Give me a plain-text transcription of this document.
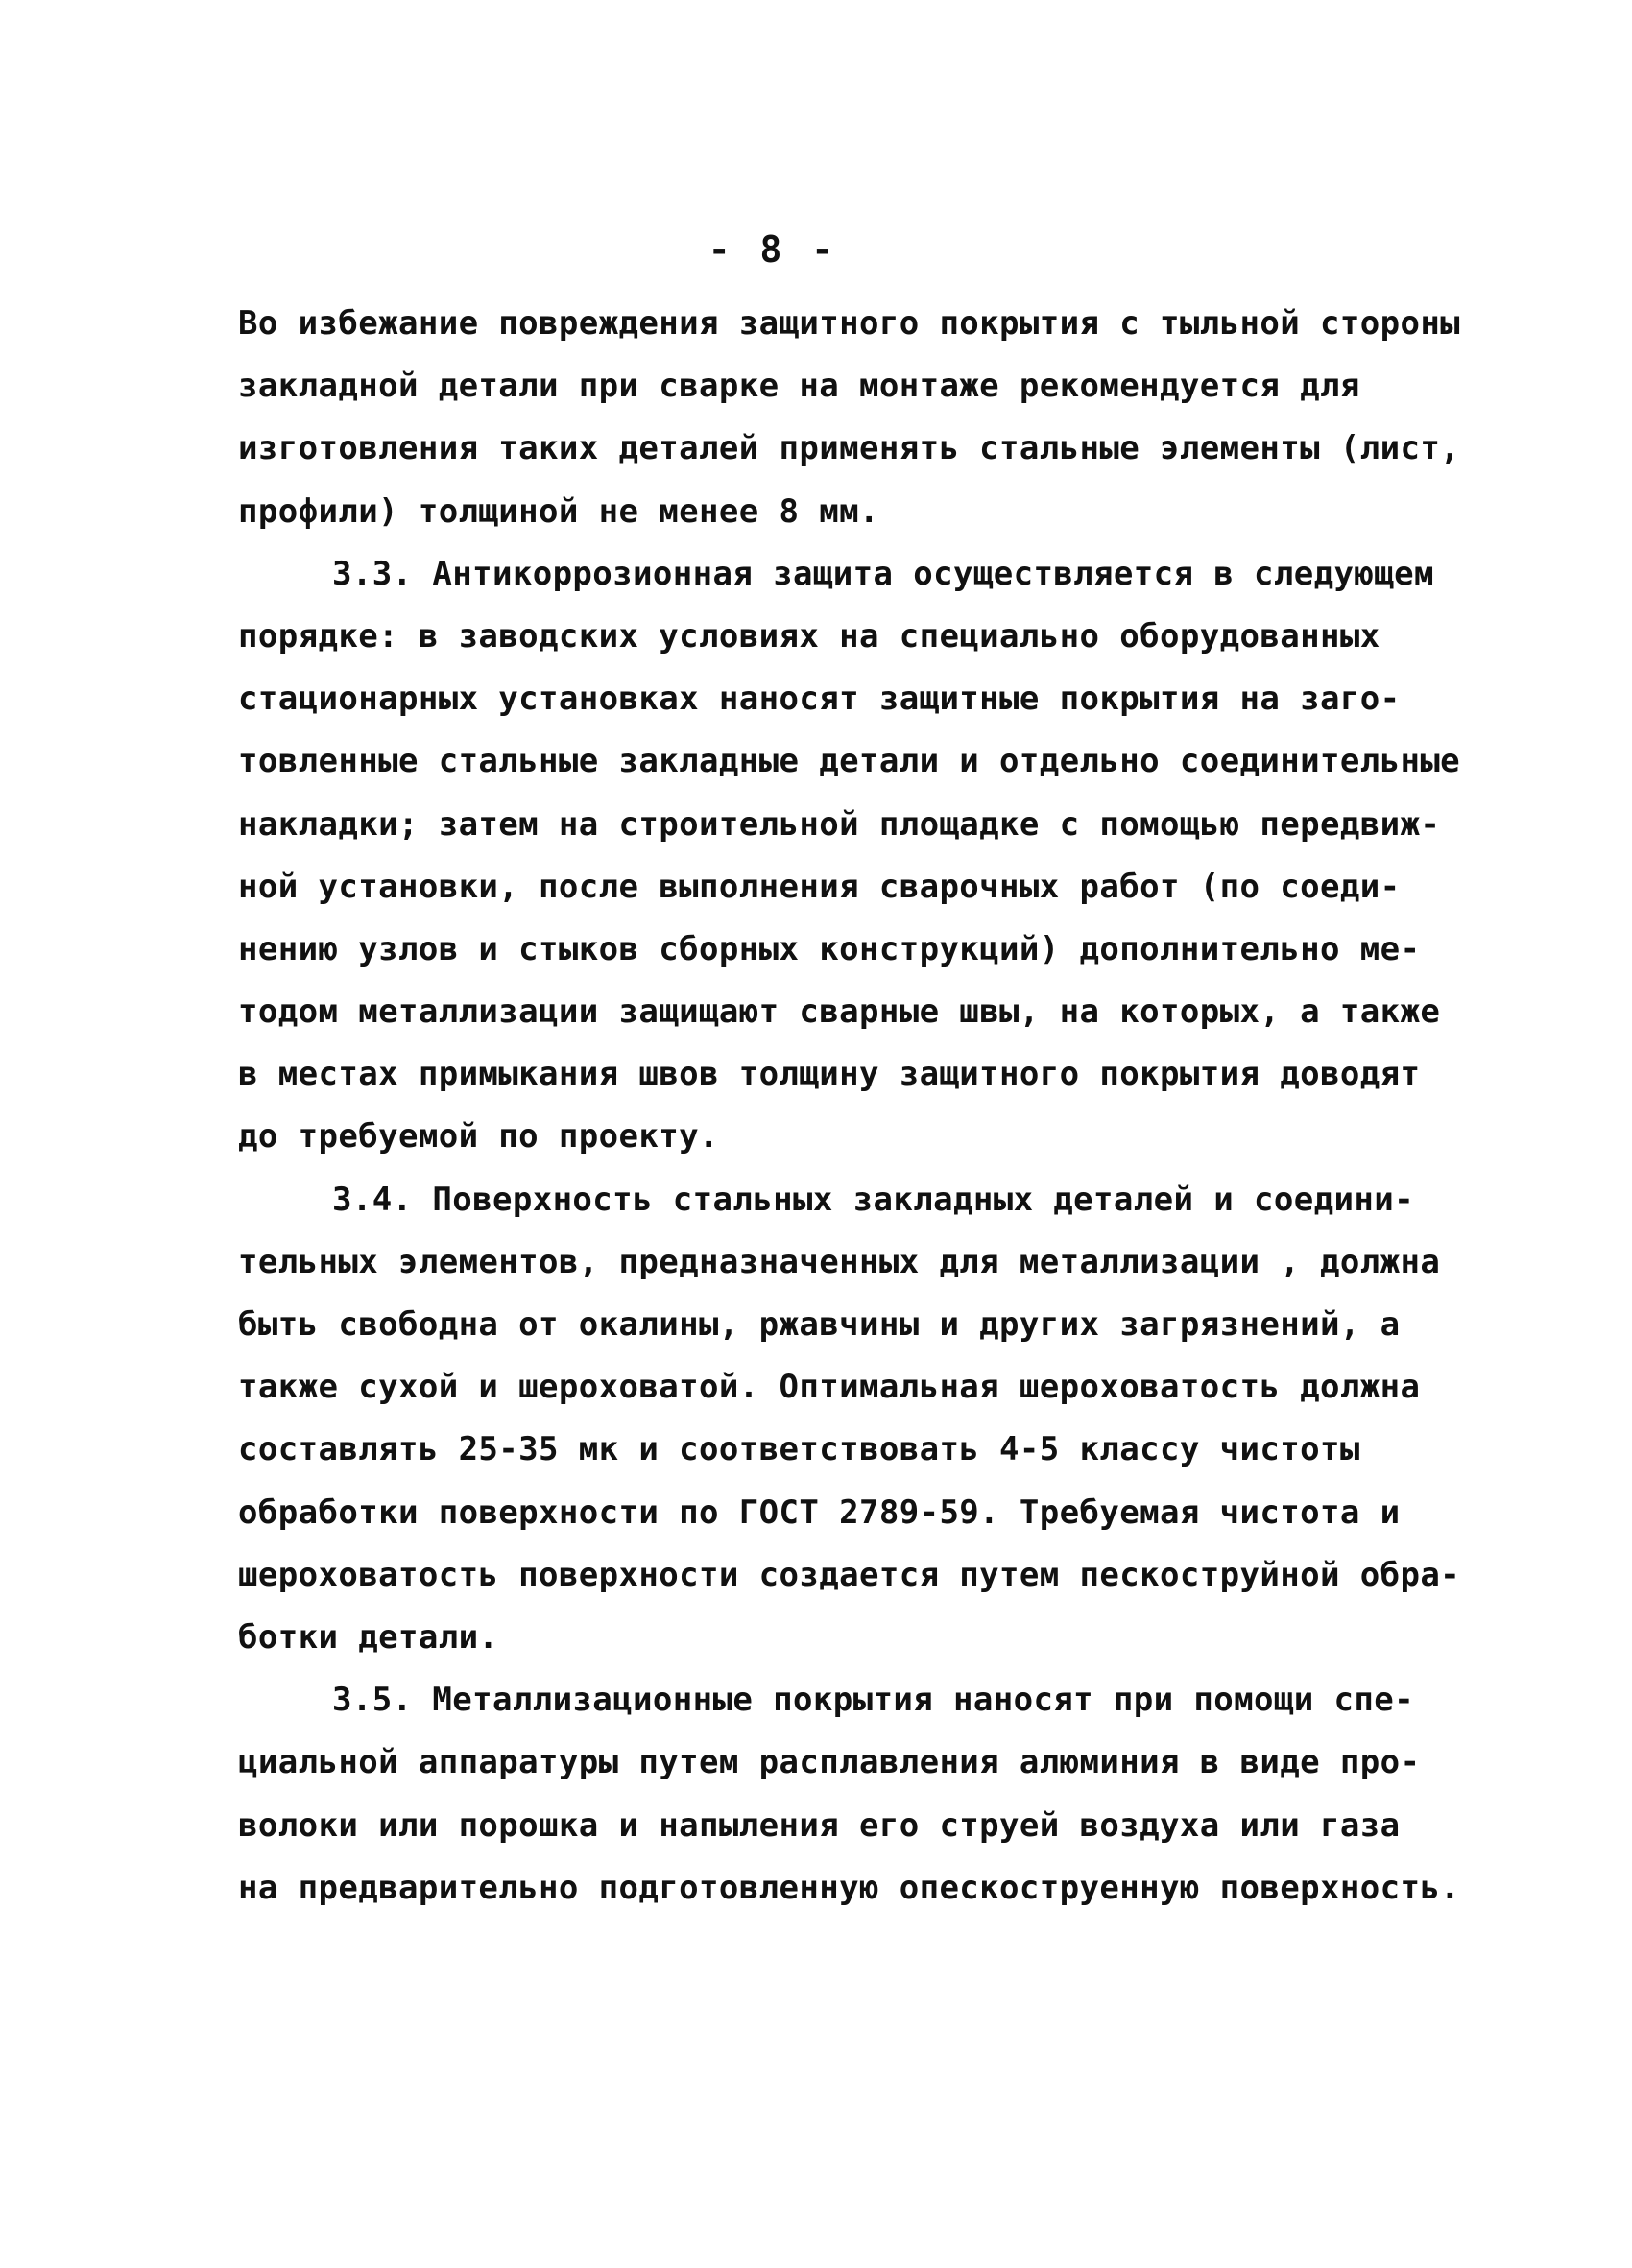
- 8 -
Во избежание повреждения защитного покрытия с тыльной стороны
закладной детали при сварке на монтаже рекомендуется для
изготовления таких деталей применять стальные элементы (лист,
профили) толщиной не менее 8 мм.
3.3. Антикоррозионная защита осуществляется в следующем
порядке: в заводских условиях на специально оборудованных
стационарных установках наносят защитные покрытия на заго-
товленные стальные закладные детали и отдельно соединительные
накладки; затем на строительной площадке с помощью передвиж-
ной установки, после выполнения сварочных работ (по соеди-
нению узлов и стыков сборных конструкций) дополнительно ме-
тодом металлизации защищают сварные швы, на которых, а также
в местах примыкания швов толщину защитного покрытия доводят
до требуемой по проекту.
3.4. Поверхность стальных закладных деталей и соедини-
тельных элементов, предназначенных для металлизации , должна
быть свободна от окалины, ржавчины и других загрязнений, а
также сухой и шероховатой. Оптимальная шероховатость должна
составлять 25-35 мк и соответствовать 4-5 классу чистоты
обработки поверхности по ГОСТ 2789-59. Требуемая чистота и
шероховатость поверхности создается путем пескоструйной обра-
ботки детали.
3.5. Металлизационные покрытия наносят при помощи спе-
циальной аппаратуры путем расплавления алюминия в виде про-
волоки или порошка и напыления его струей воздуха или газа
на предварительно подготовленную опескоструенную поверхность.
